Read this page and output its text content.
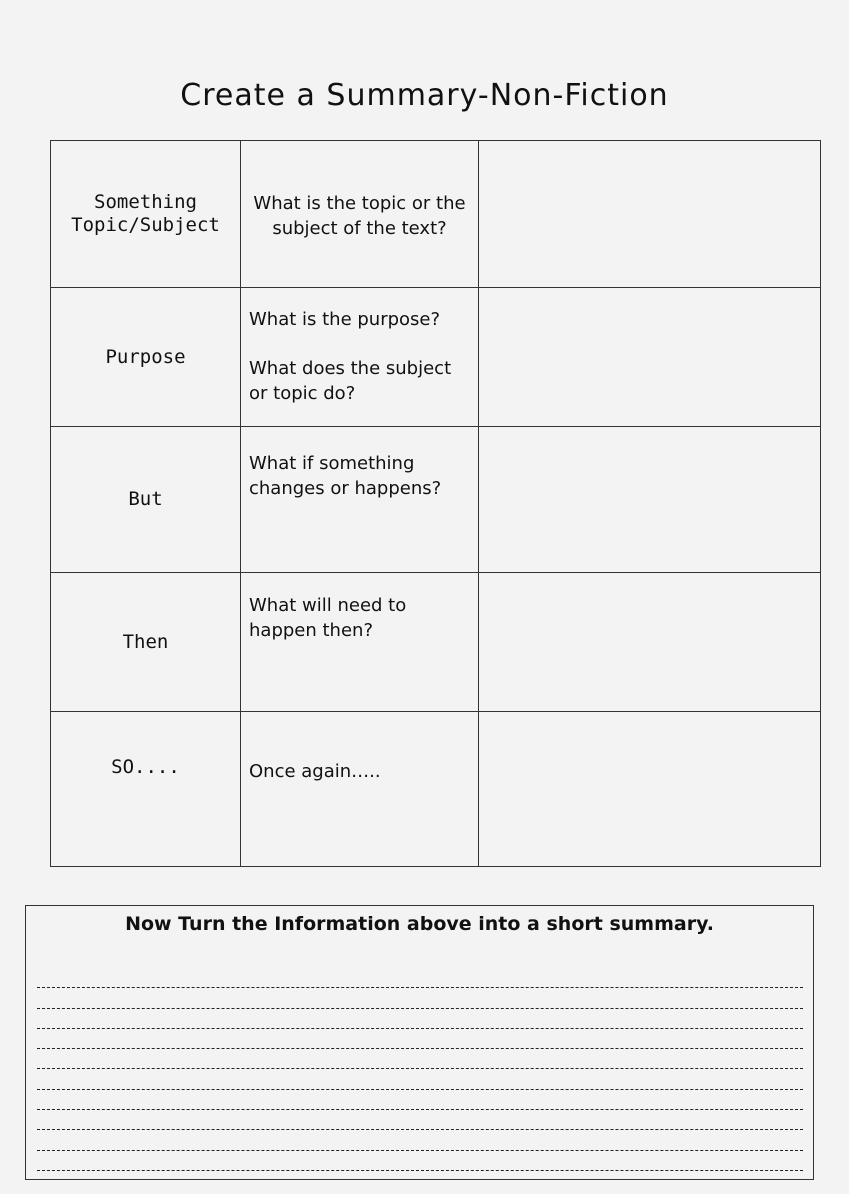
Create a Summary-Non-Fiction
Something
Topic/Subject	What is the topic or the subject of the text?	

Purpose	What is the purpose?
What does the subject or topic do?	

But	What if something changes or happens?	

Then	What will need to happen then?	

SO....	Once again…..	

Now Turn the Information above into a short summary.
